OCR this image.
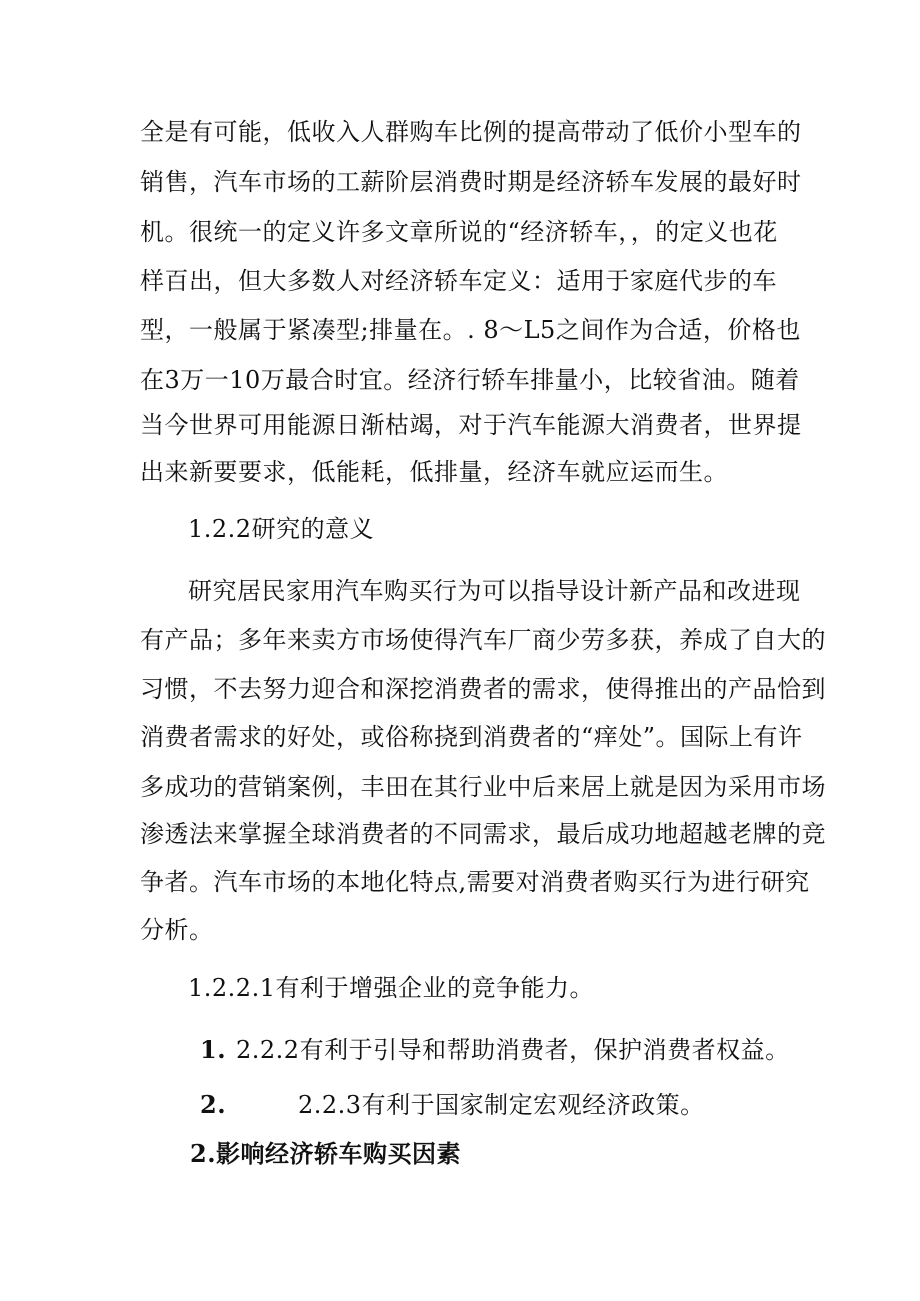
全是有可能，低收入人群购车比例的提高带动了低价小型车的
销售，汽车市场的工薪阶层消费时期是经济轿车发展的最好时
机。很统一的定义许多文章所说的“经济轿车，，的定义也花
样百出，但大多数人对经济轿车定义：适用于家庭代步的车
型，一般属于紧凑型;排量在。. 8～L5之间作为合适，价格也
在3万一10万最合时宜。经济行轿车排量小，比较省油。随着
当今世界可用能源日渐枯竭，对于汽车能源大消费者，世界提
出来新要要求，低能耗，低排量，经济车就应运而生。
1.2.2研究的意义
研究居民家用汽车购买行为可以指导设计新产品和改进现
有产品；多年来卖方市场使得汽车厂商少劳多获，养成了自大的
习惯，不去努力迎合和深挖消费者的需求，使得推出的产品恰到
消费者需求的好处，或俗称挠到消费者的“痒处”。国际上有许
多成功的营销案例，丰田在其行业中后来居上就是因为采用市场
渗透法来掌握全球消费者的不同需求，最后成功地超越老牌的竞
争者。汽车市场的本地化特点,需要对消费者购买行为进行研究
分析。
1.2.2.1有利于增强企业的竞争能力。
1. 2.2.2有利于引导和帮助消费者，保护消费者权益。
2.	2.2.3有利于国家制定宏观经济政策。
2.影响经济轿车购买因素
